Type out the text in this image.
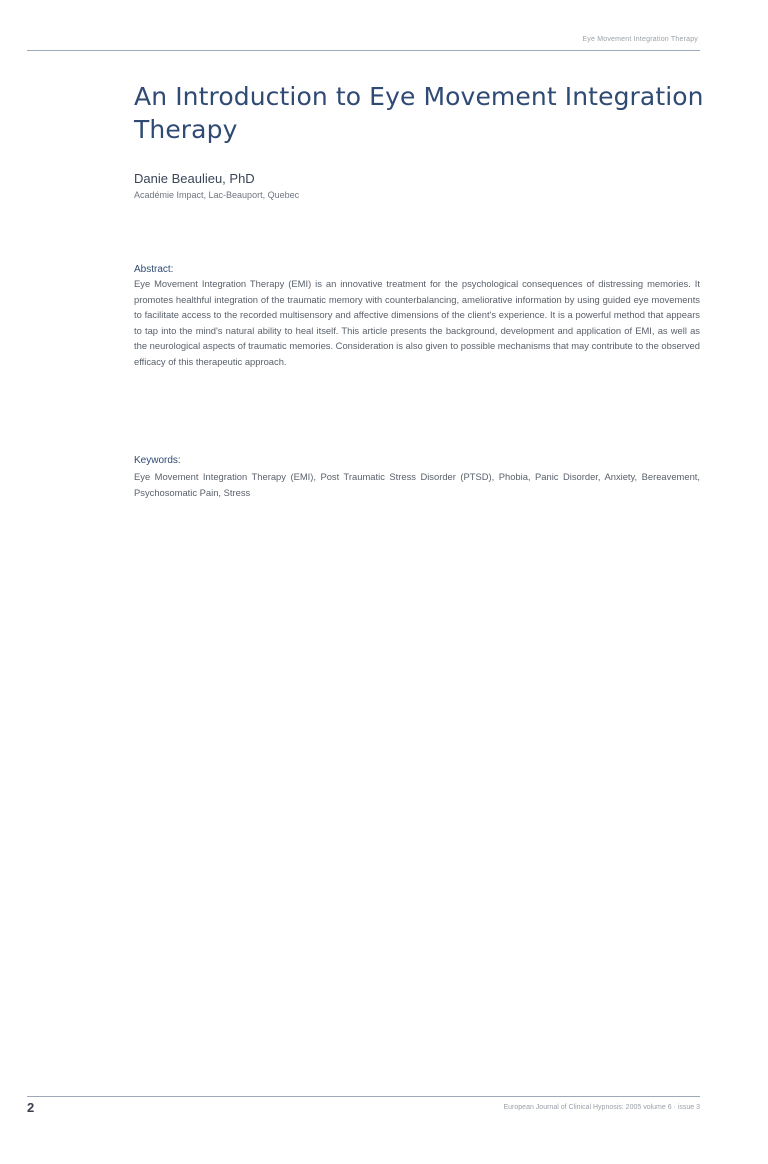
Eye Movement Integration Therapy
An Introduction to Eye Movement Integration Therapy
Danie Beaulieu, PhD
Académie Impact, Lac-Beauport, Quebec
Abstract:

Eye Movement Integration Therapy (EMI) is an innovative treatment for the psychological consequences of distressing memories. It promotes healthful integration of the traumatic memory with counterbalancing, ameliorative information by using guided eye movements to facilitate access to the recorded multisensory and affective dimensions of the client's experience. It is a powerful method that appears to tap into the mind's natural ability to heal itself. This article presents the background, development and application of EMI, as well as the neurological aspects of traumatic memories. Consideration is also given to possible mechanisms that may contribute to the observed efficacy of this therapeutic approach.

Keywords:

Eye Movement Integration Therapy (EMI), Post Traumatic Stress Disorder (PTSD), Phobia, Panic Disorder, Anxiety, Bereavement, Psychosomatic Pain, Stress

2	European Journal of Clinical Hypnosis: 2005 volume 6 · issue 3
